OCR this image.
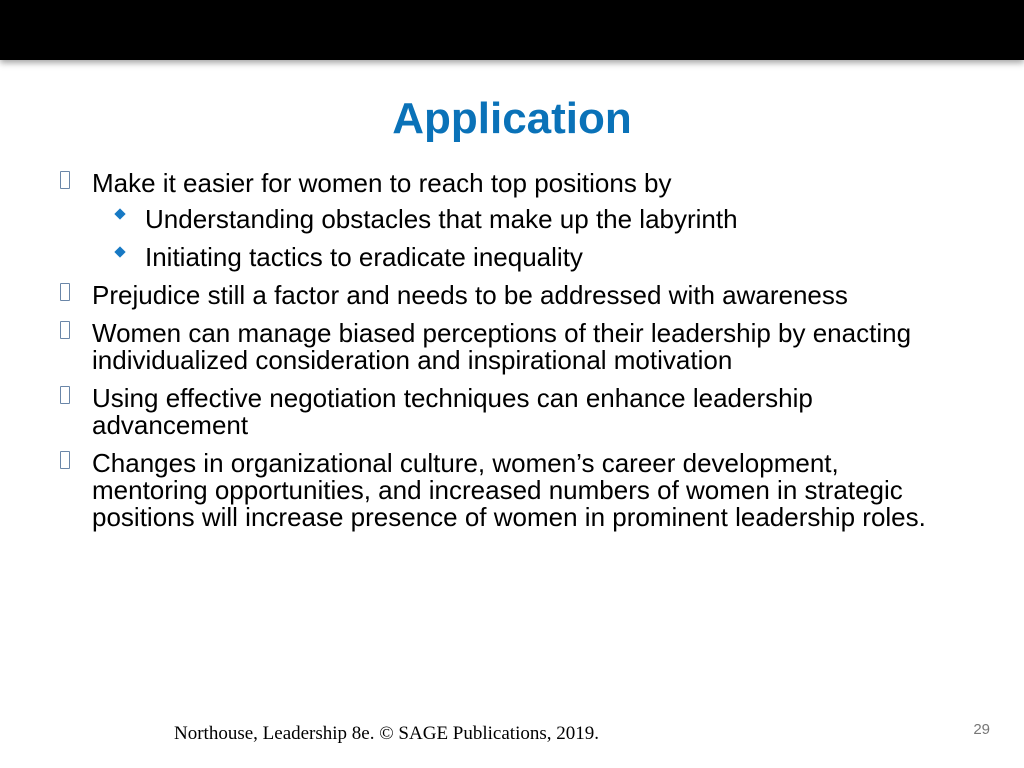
Application
Make it easier for women to reach top positions by
Understanding obstacles that make up the labyrinth
Initiating tactics to eradicate inequality
Prejudice still a factor and needs to be addressed with awareness
Women can manage biased perceptions of their leadership by enacting individualized consideration and inspirational motivation
Using effective negotiation techniques can enhance leadership advancement
Changes in organizational culture, women’s career development, mentoring opportunities, and increased numbers of women in strategic positions will increase presence of women in prominent leadership roles.
Northouse, Leadership 8e. © SAGE Publications, 2019.	29
